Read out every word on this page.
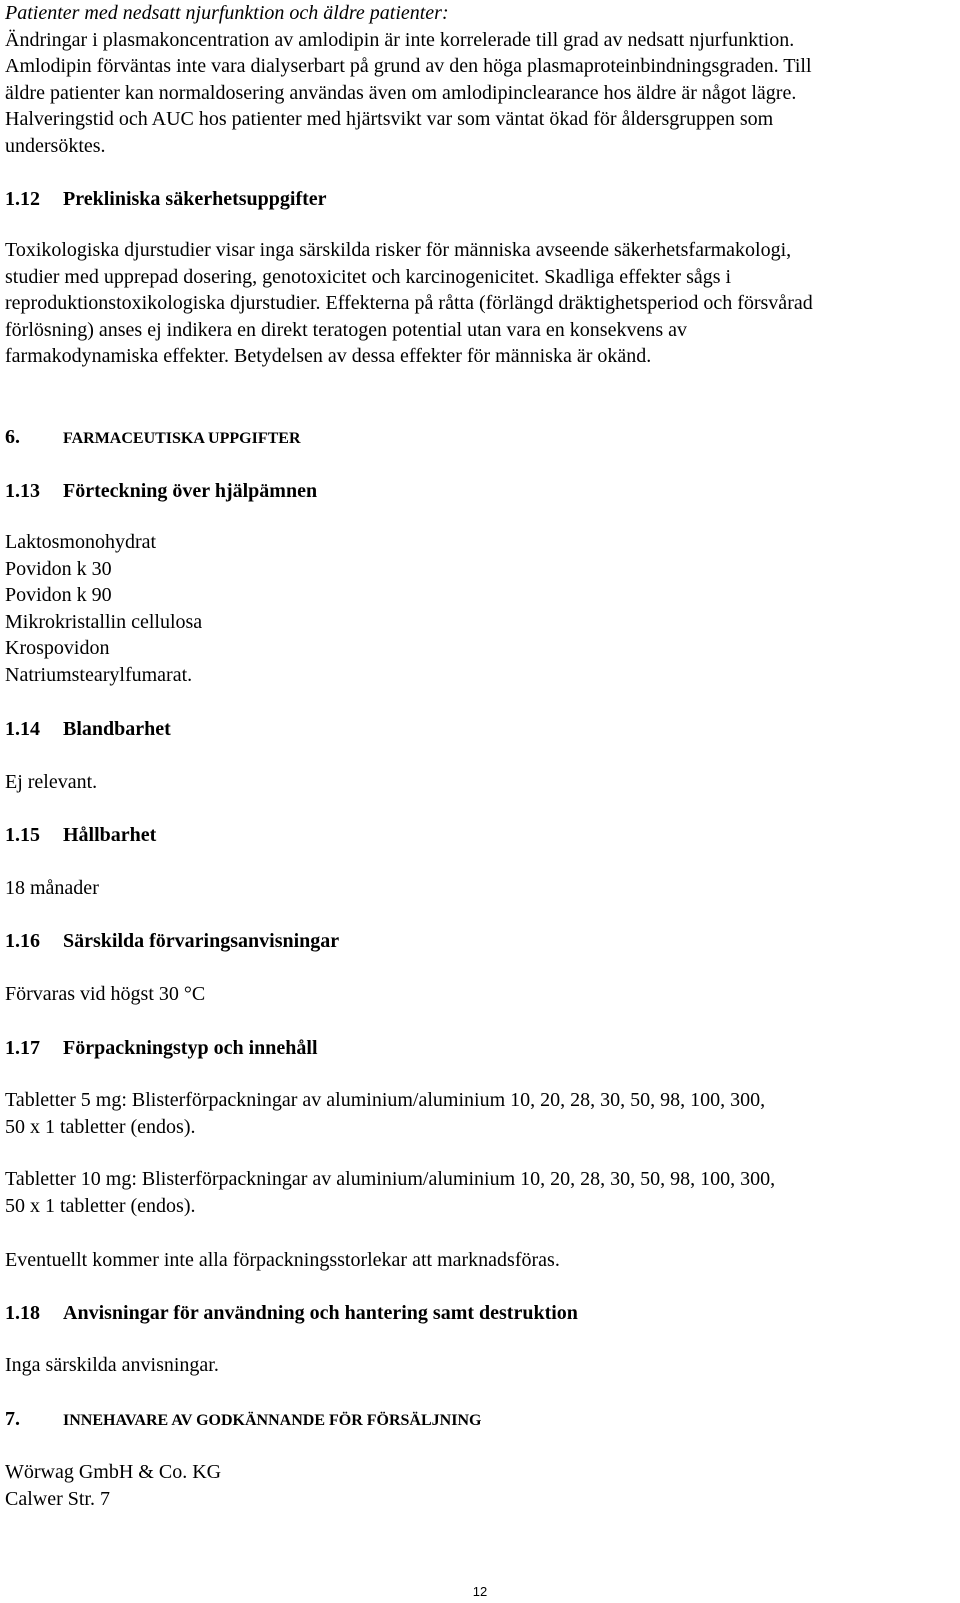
Patienter med nedsatt njurfunktion och äldre patienter:

Ändringar i plasmakoncentration av amlodipin är inte korrelerade till grad av nedsatt njurfunktion.

Amlodipin förväntas inte vara dialyserbart på grund av den höga plasmaproteinbindningsgraden. Till

äldre patienter kan normaldosering användas även om amlodipinclearance hos äldre är något lägre.

Halveringstid och AUC hos patienter med hjärtsvikt var som väntat ökad för åldersgruppen som

undersöktes.

1.12 Prekliniska säkerhetsuppgifter

Toxikologiska djurstudier visar inga särskilda risker för människa avseende säkerhetsfarmakologi,

studier med upprepad dosering, genotoxicitet och karcinogenicitet. Skadliga effekter sågs i

reproduktionstoxikologiska djurstudier. Effekterna på råtta (förlängd dräktighetsperiod och försvårad

förlösning) anses ej indikera en direkt teratogen potential utan vara en konsekvens av

farmakodynamiska effekter. Betydelsen av dessa effekter för människa är okänd.

6.	FARMACEUTISKA UPPGIFTER

1.13 Förteckning över hjälpämnen

Laktosmonohydrat

Povidon k 30

Povidon k 90

Mikrokristallin cellulosa

Krospovidon

Natriumstearylfumarat.

1.14 Blandbarhet

Ej relevant.

1.15 Hållbarhet

18 månader

1.16 Särskilda förvaringsanvisningar

Förvaras vid högst 30 °C

1.17 Förpackningstyp och innehåll

Tabletter 5 mg: Blisterförpackningar av aluminium/aluminium 10, 20, 28, 30, 50, 98, 100, 300,

50 x 1 tabletter (endos).

Tabletter 10 mg: Blisterförpackningar av aluminium/aluminium 10, 20, 28, 30, 50, 98, 100, 300,

50 x 1 tabletter (endos).

Eventuellt kommer inte alla förpackningsstorlekar att marknadsföras.

1.18 Anvisningar för användning och hantering samt destruktion

Inga särskilda anvisningar.

7.	INNEHAVARE AV GODKÄNNANDE FÖR FÖRSÄLJNING

Wörwag GmbH & Co. KG

Calwer Str. 7

12
